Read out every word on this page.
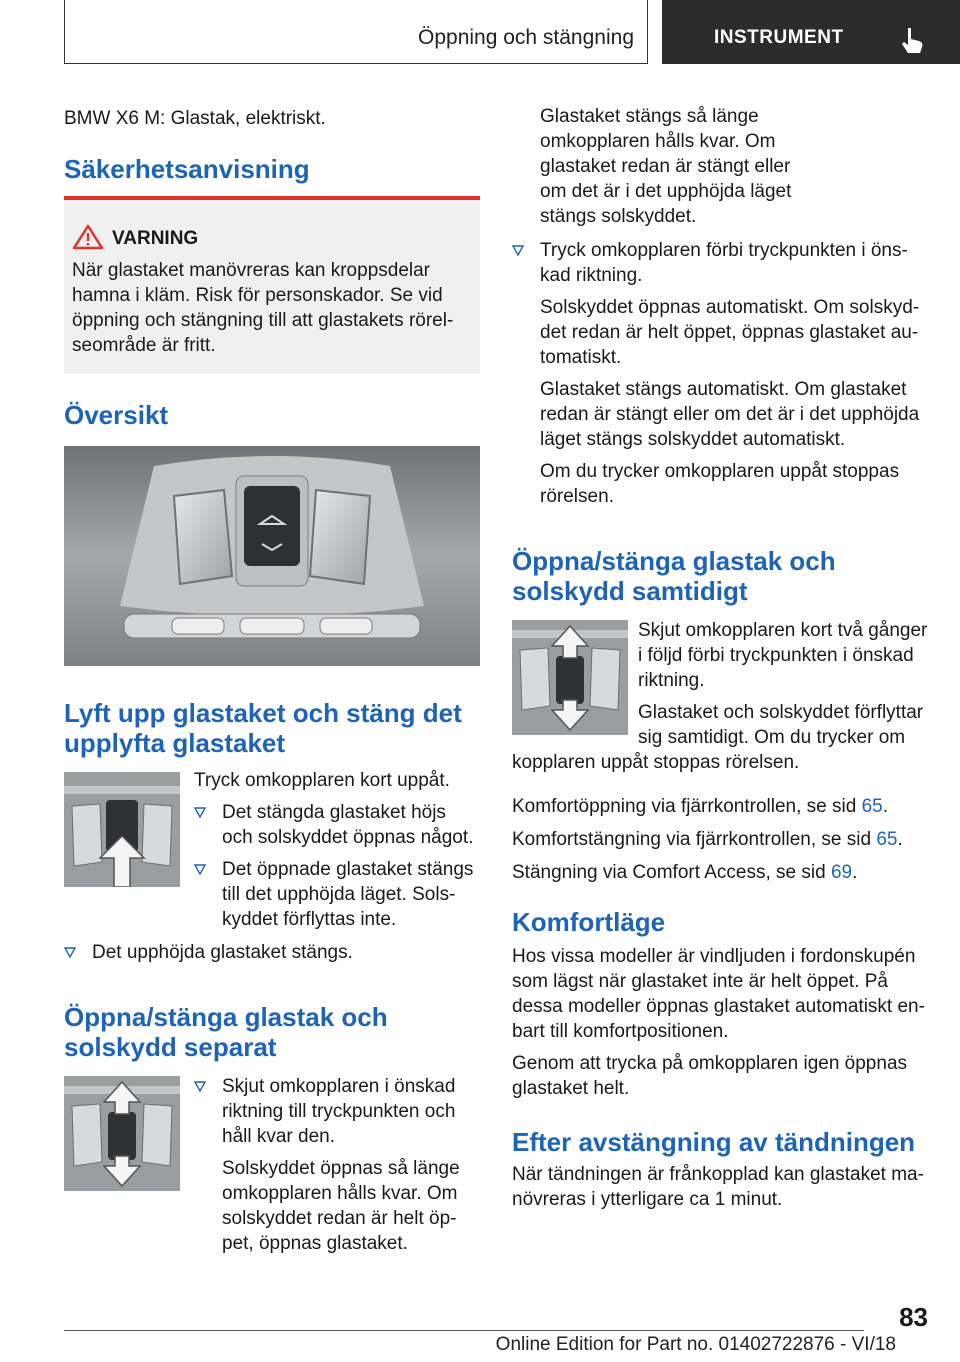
Öppning och stängning	INSTRUMENT

BMW X6 M: Glastak, elektriskt.

Säkerhetsanvisning
VARNING
När glastaket manövreras kan kroppsdelar hamna i kläm. Risk för personskador. Se vid öppning och stängning till att glastakets rörelseområde är fritt.
Översikt
Lyft upp glastaket och stäng det upplyfta glastaket

Tryck omkopplaren kort uppåt.

Det stängda glastaket höjs och solskyddet öppnas något.

Det öppnade glastaket stängs till det upphöjda läget. Solskyddet förflyttas inte.

Det upphöjda glastaket stängs.

Öppna/stänga glastak och solskydd separat

Skjut omkopplaren i önskad riktning till tryckpunkten och håll kvar den.

Solskyddet öppnas så länge omkopplaren hålls kvar. Om solskyddet redan är helt öppet, öppnas glastaket.

Glastaket stängs så länge omkopplaren hålls kvar. Om glastaket redan är stängt eller om det är i det upphöjda läget stängs solskyddet.

Tryck omkopplaren förbi tryckpunkten i önskad riktning.

Solskyddet öppnas automatiskt. Om solskyddet redan är helt öppet, öppnas glastaket automatiskt.

Glastaket stängs automatiskt. Om glastaket redan är stängt eller om det är i det upphöjda läget stängs solskyddet automatiskt.

Om du trycker omkopplaren uppåt stoppas rörelsen.

Öppna/stänga glastak och solskydd samtidigt

Skjut omkopplaren kort två gånger i följd förbi tryckpunkten i önskad riktning.

Glastaket och solskyddet förflyttar sig samtidigt. Om du trycker om

kopplaren uppåt stoppas rörelsen.

Komfortöppning via fjärrkontrollen, se sid 65.

Komfortstängning via fjärrkontrollen, se sid 65.

Stängning via Comfort Access, se sid 69.

Komfortläge

Hos vissa modeller är vindljuden i fordonskupén som lägst när glastaket inte är helt öppet. På dessa modeller öppnas glastaket automatiskt enbart till komfortpositionen.

Genom att trycka på omkopplaren igen öppnas glastaket helt.

Efter avstängning av tändningen

När tändningen är frånkopplad kan glastaket manövreras i ytterligare ca 1 minut.

83
Online Edition for Part no. 01402722876 - VI/18
